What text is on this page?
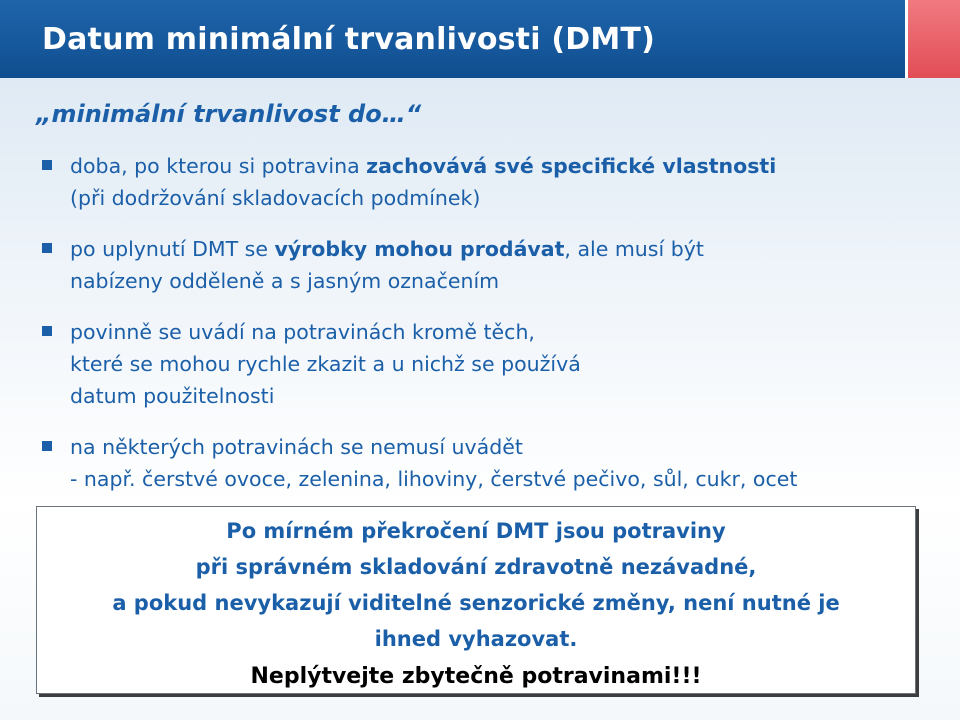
Datum minimální trvanlivosti (DMT)

„minimální trvanlivost do…“

doba, po kterou si potravina zachovává své specifické vlastnosti
(při dodržování skladovacích podmínek)
po uplynutí DMT se výrobky mohou prodávat, ale musí být
nabízeny odděleně a s jasným označením
povinně se uvádí na potravinách kromě těch,
které se mohou rychle zkazit a u nichž se používá
datum použitelnosti
na některých potravinách se nemusí uvádět
- např. čerstvé ovoce, zelenina, lihoviny, čerstvé pečivo, sůl, cukr, ocet

Po mírném překročení DMT jsou potraviny

při správném skladování zdravotně nezávadné,

a pokud nevykazují viditelné senzorické změny, není nutné je

ihned vyhazovat.

Neplýtvejte zbytečně potravinami!!!
